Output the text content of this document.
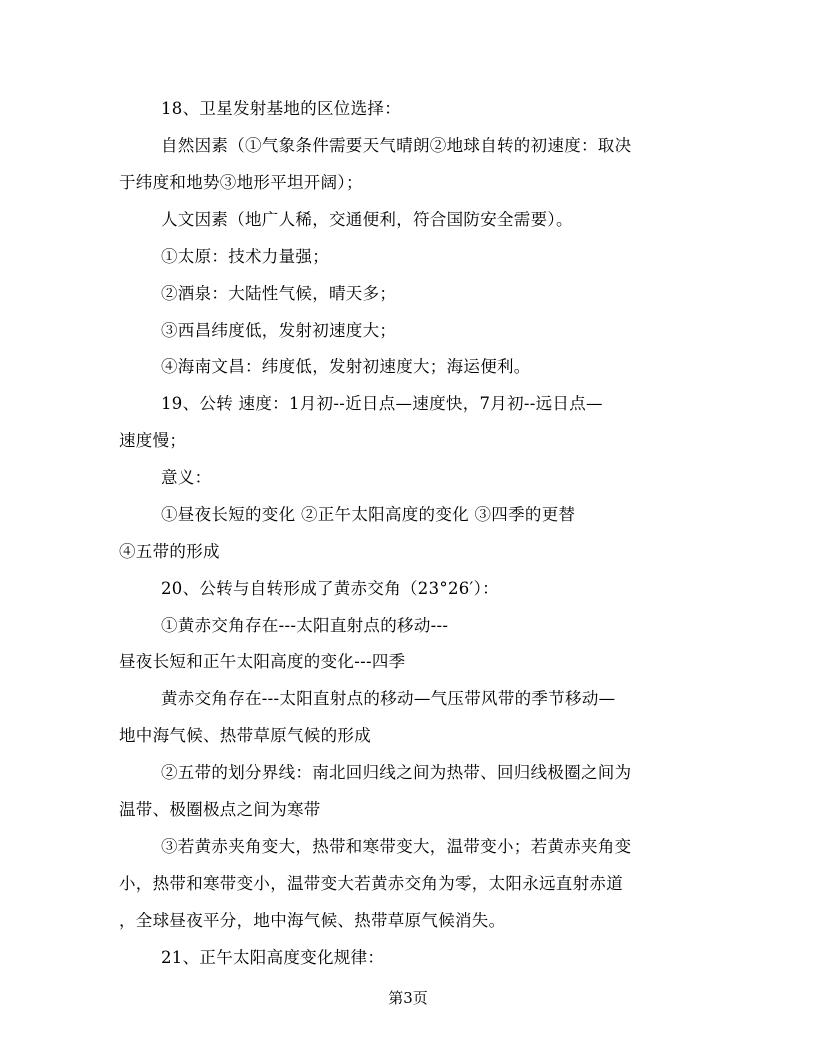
18、卫星发射基地的区位选择：
自然因素（①气象条件需要天气晴朗②地球自转的初速度：取决
于纬度和地势③地形平坦开阔）；
人文因素（地广人稀，交通便利，符合国防安全需要）。
①太原：技术力量强；
②酒泉：大陆性气候，晴天多；
③西昌纬度低，发射初速度大；
④海南文昌：纬度低，发射初速度大；海运便利。
19、公转 速度：1月初--近日点—速度快，7月初--远日点—
速度慢；
意义：
①昼夜长短的变化 ②正午太阳高度的变化 ③四季的更替
④五带的形成
20、公转与自转形成了黄赤交角（23°26′）：
①黄赤交角存在---太阳直射点的移动---
昼夜长短和正午太阳高度的变化---四季
黄赤交角存在---太阳直射点的移动—气压带风带的季节移动—
地中海气候、热带草原气候的形成
②五带的划分界线：南北回归线之间为热带、回归线极圈之间为
温带、极圈极点之间为寒带
③若黄赤夹角变大，热带和寒带变大，温带变小；若黄赤夹角变
小，热带和寒带变小，温带变大若黄赤交角为零，太阳永远直射赤道
，全球昼夜平分，地中海气候、热带草原气候消失。
21、正午太阳高度变化规律：
第3页
